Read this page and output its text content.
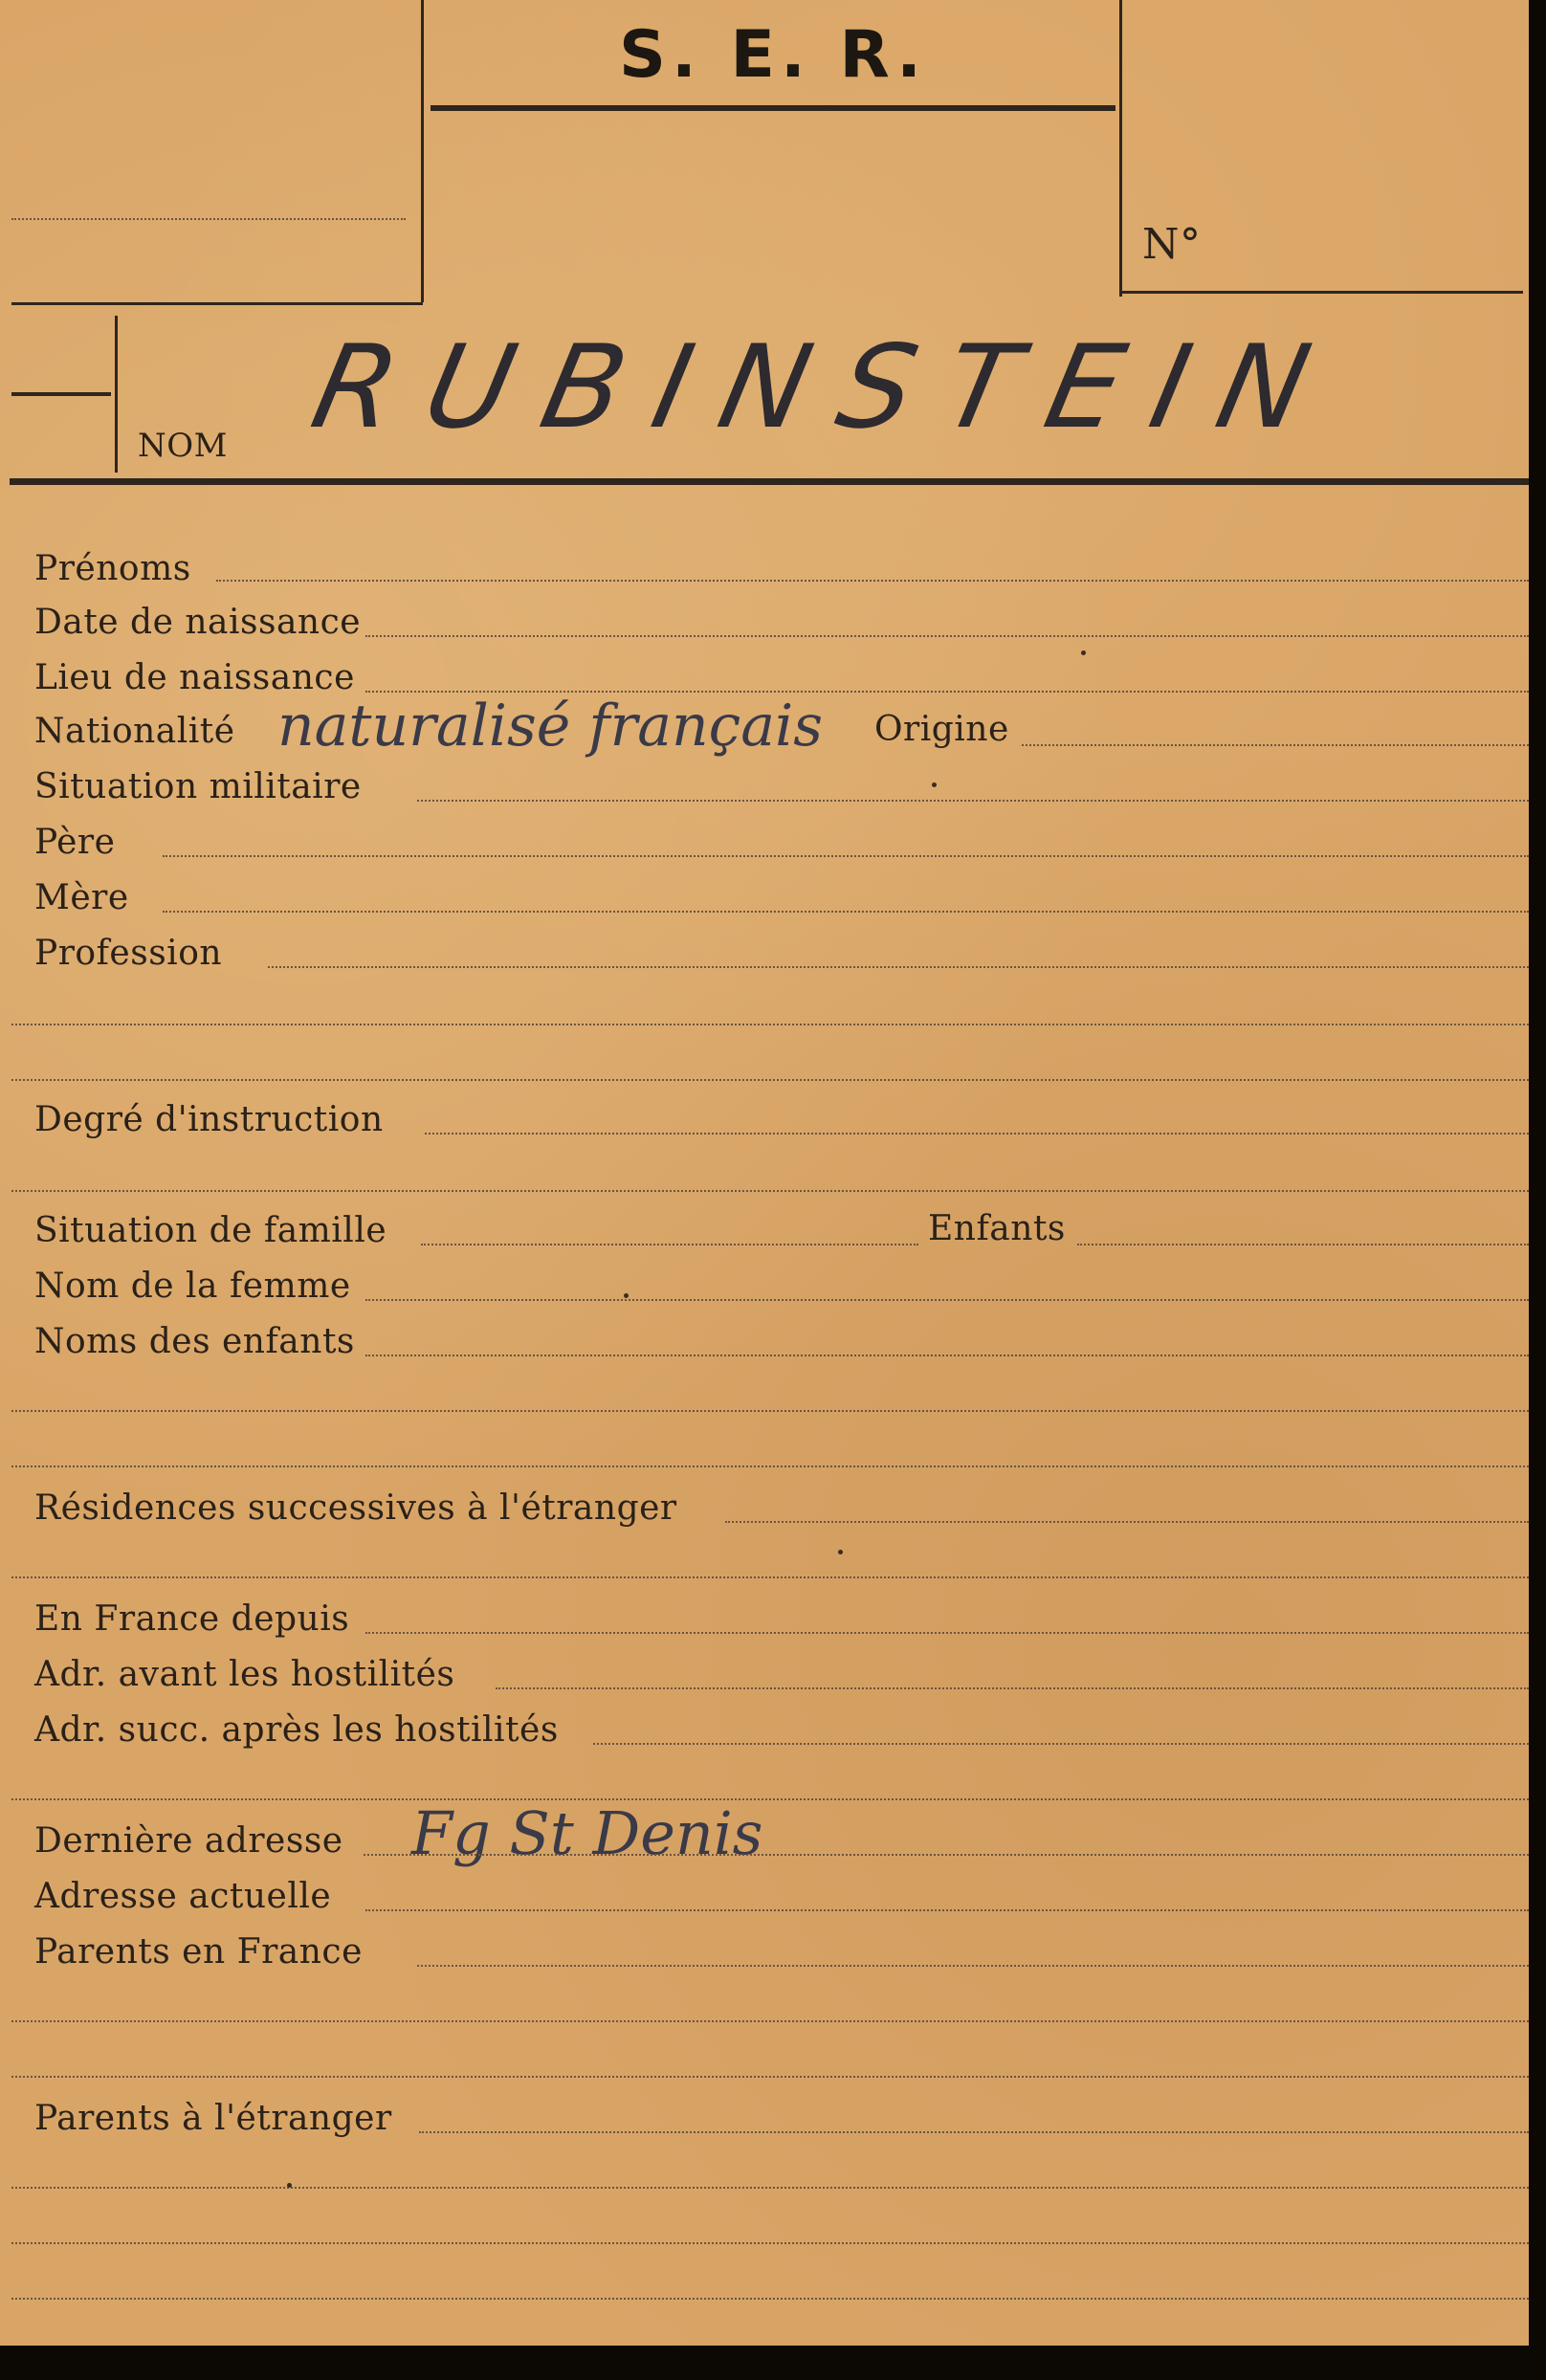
S. E. R.
N°
NOM RUBINSTEIN
Prénoms
Date de naissance
Lieu de naissance
Nationalité naturalisé français Origine
Situation militaire
Père
Mère
Profession
Degré d'instruction
Situation de famille	Enfants
Nom de la femme
Noms des enfants
Résidences successives à l'étranger
En France depuis
Adr. avant les hostilités
Adr. succ. après les hostilités
Dernière adresse Fg St Denis
Adresse actuelle
Parents en France
Parents à l'étranger
